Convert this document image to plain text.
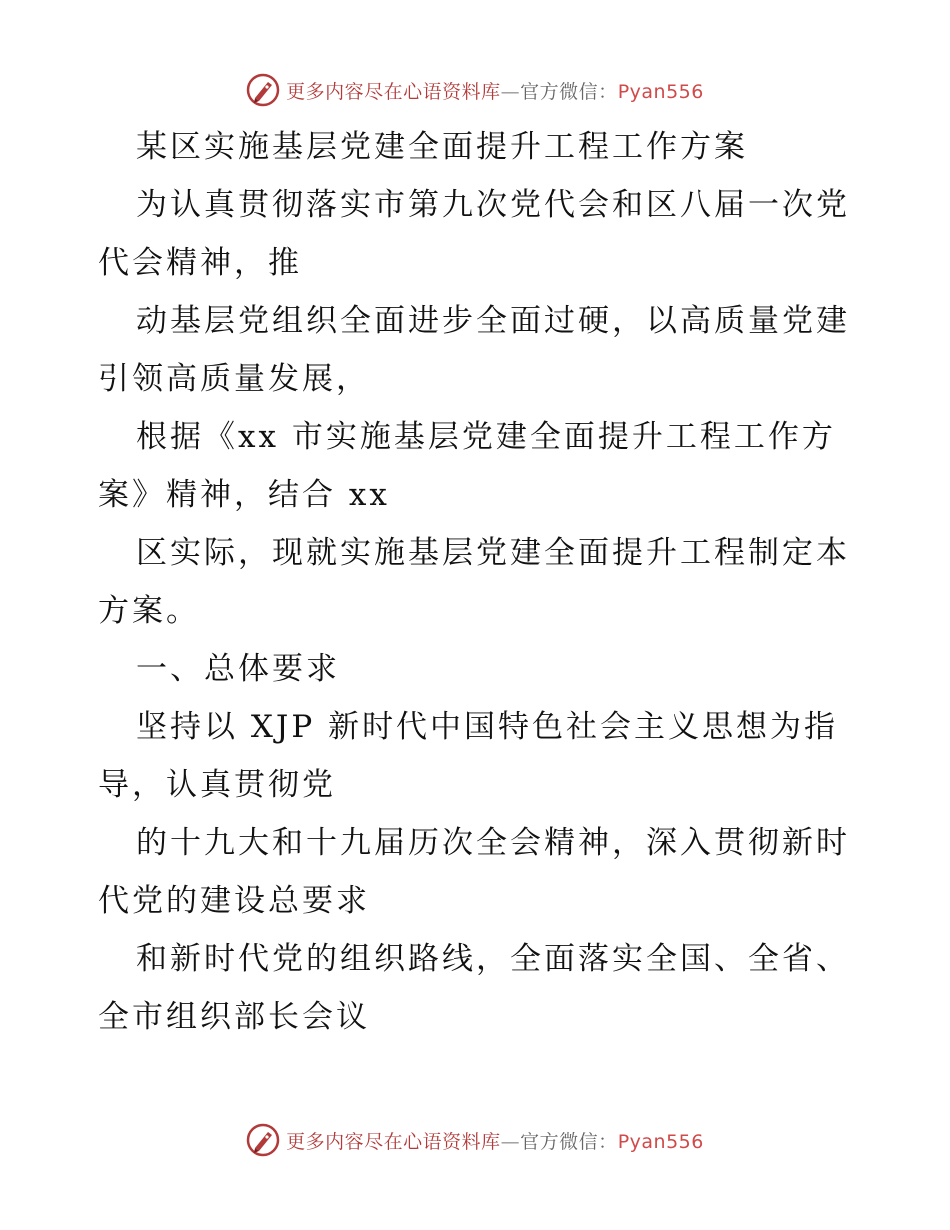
更多内容尽在心语资料库—官方微信：Pyan556
某区实施基层党建全面提升工程工作方案
为认真贯彻落实市第九次党代会和区八届一次党
代会精神，推
动基层党组织全面进步全面过硬，以高质量党建
引领高质量发展，
根据《xx 市实施基层党建全面提升工程工作方
案》精神，结合 xx
区实际，现就实施基层党建全面提升工程制定本
方案。
一、总体要求
坚持以 XJP 新时代中国特色社会主义思想为指
导，认真贯彻党
的十九大和十九届历次全会精神，深入贯彻新时
代党的建设总要求
和新时代党的组织路线，全面落实全国、全省、
全市组织部长会议
更多内容尽在心语资料库—官方微信：Pyan556
